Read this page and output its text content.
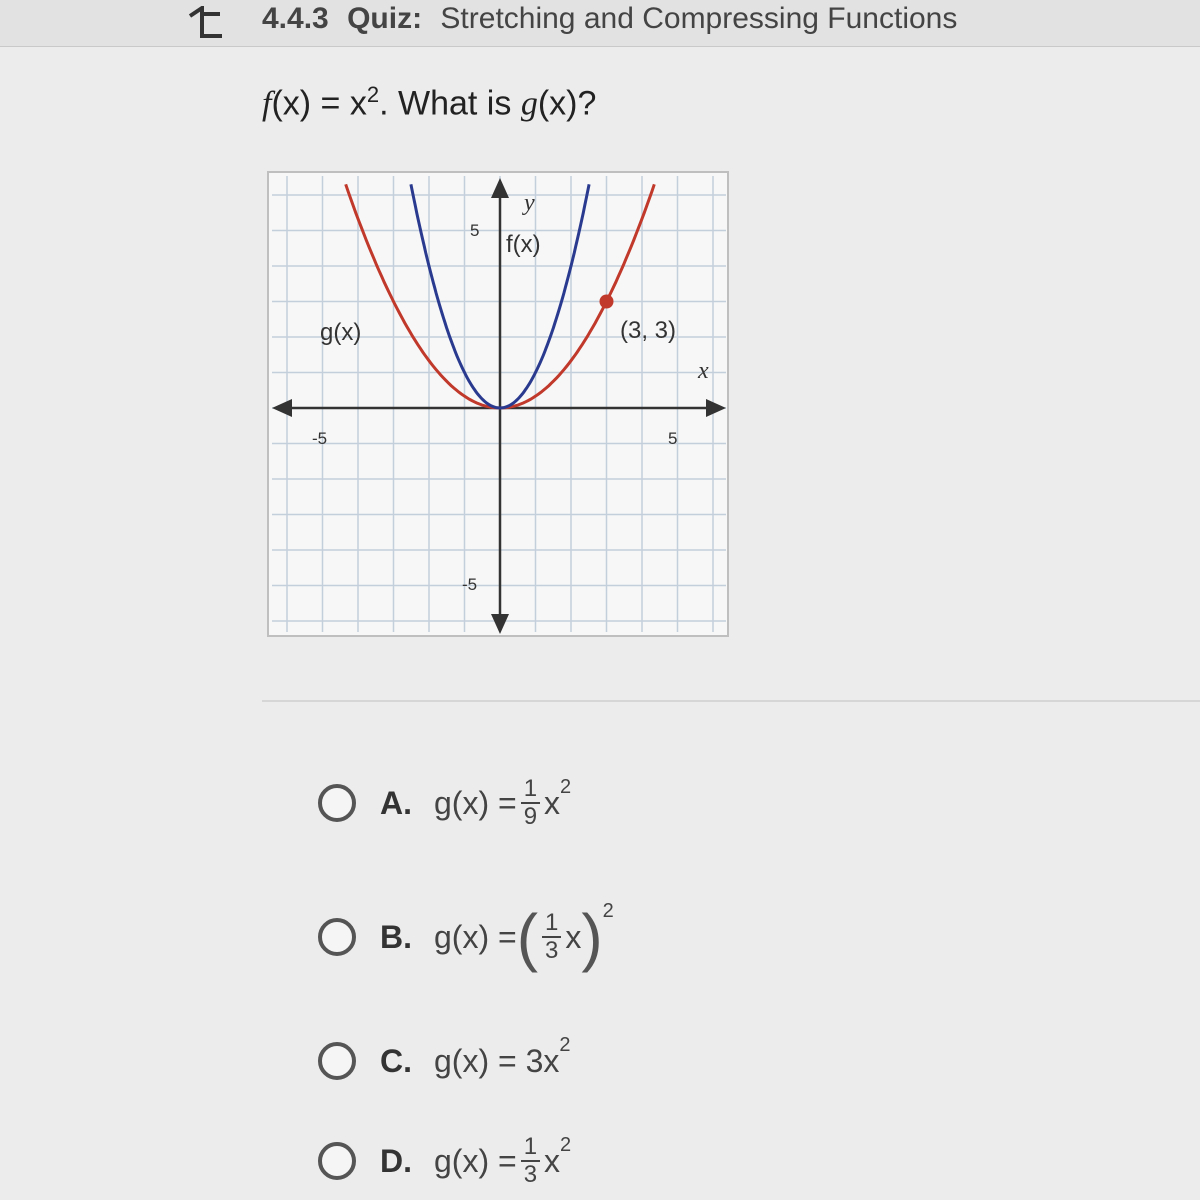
4.4.3 Quiz: Stretching and Compressing Functions
$f(x) = x^2$. What is g(x)?
-5	5
5
-5
x
y
f(x)
g(x)	(3, 3)
A. $g(x) = \frac{1}{9}$ x 2
B. g(x) = ( $\frac{1}{3}$ x ) 2
C. g(x) = 3x 2
D. $g(x) = \frac{1}{3}$ x 2
